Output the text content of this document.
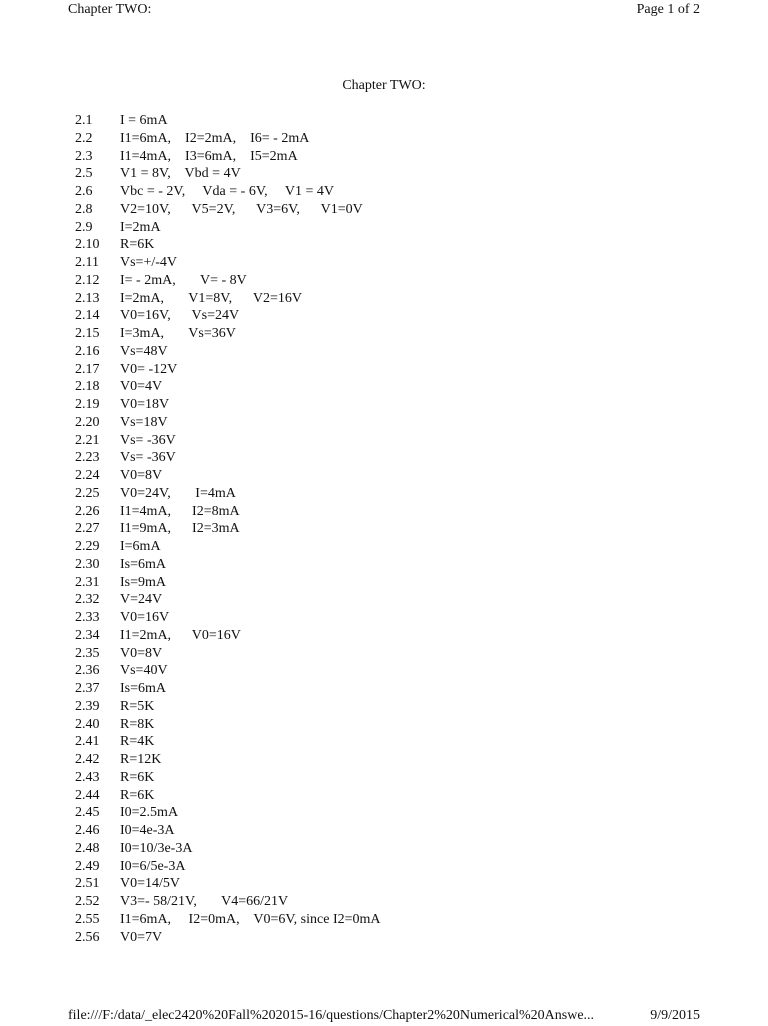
Chapter TWO:	Page 1 of 2
Chapter TWO:
2.1 I = 6mA
2.2 I1=6mA,    I2=2mA,    I6= - 2mA
2.3 I1=4mA,    I3=6mA,    I5=2mA
2.5 V1 = 8V,    Vbd = 4V
2.6 Vbc = - 2V,     Vda = - 6V,     V1 = 4V
2.8 V2=10V,      V5=2V,      V3=6V,      V1=0V
2.9 I=2mA
2.10 R=6K
2.11 Vs=+/-4V
2.12 I= - 2mA,       V= - 8V
2.13 I=2mA,       V1=8V,      V2=16V
2.14 V0=16V,      Vs=24V
2.15 I=3mA,       Vs=36V
2.16 Vs=48V
2.17 V0= -12V
2.18 V0=4V
2.19 V0=18V
2.20 Vs=18V
2.21 Vs= -36V
2.23 Vs= -36V
2.24 V0=8V
2.25 V0=24V,       I=4mA
2.26 I1=4mA,      I2=8mA
2.27 I1=9mA,      I2=3mA
2.29 I=6mA
2.30 Is=6mA
2.31 Is=9mA
2.32 V=24V
2.33 V0=16V
2.34 I1=2mA,      V0=16V
2.35 V0=8V
2.36 Vs=40V
2.37 Is=6mA
2.39 R=5K
2.40 R=8K
2.41 R=4K
2.42 R=12K
2.43 R=6K
2.44 R=6K
2.45 I0=2.5mA
2.46 I0=4e-3A
2.48 I0=10/3e-3A
2.49 I0=6/5e-3A
2.51 V0=14/5V
2.52 V3=- 58/21V,       V4=66/21V
2.55 I1=6mA,     I2=0mA,    V0=6V, since I2=0mA
2.56 V0=7V
file:///F:/data/_elec2420%20Fall%202015-16/questions/Chapter2%20Numerical%20Answe...	9/9/2015
